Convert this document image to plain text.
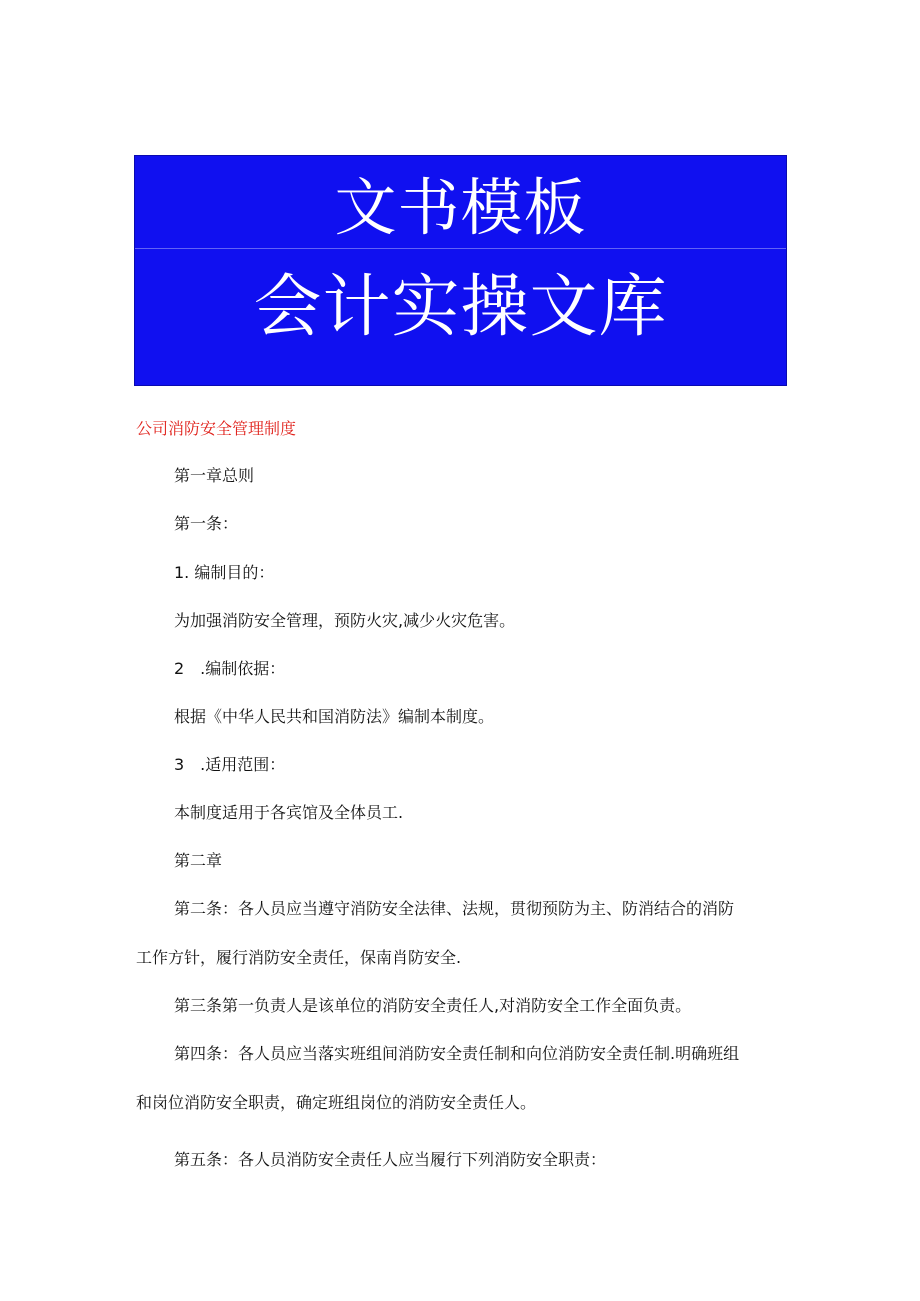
文书模板
会计实操文库
公司消防安全管理制度
第一章总则
第一条：
1. 编制目的：
为加强消防安全管理，预防火灾,减少火灾危害。
2　.编制依据：
根据《中华人民共和国消防法》编制本制度。
3　.适用范围：
本制度适用于各宾馆及全体员工.
第二章
第二条：各人员应当遵守消防安全法律、法规，贯彻预防为主、防消结合的消防
工作方针，履行消防安全责任，保南肖防安全.
第三条第一负责人是该单位的消防安全责任人,对消防安全工作全面负责。
第四条：各人员应当落实班组间消防安全责任制和向位消防安全责任制.明确班组
和岗位消防安全职责，确定班组岗位的消防安全责任人。
第五条：各人员消防安全责任人应当履行下列消防安全职责：
